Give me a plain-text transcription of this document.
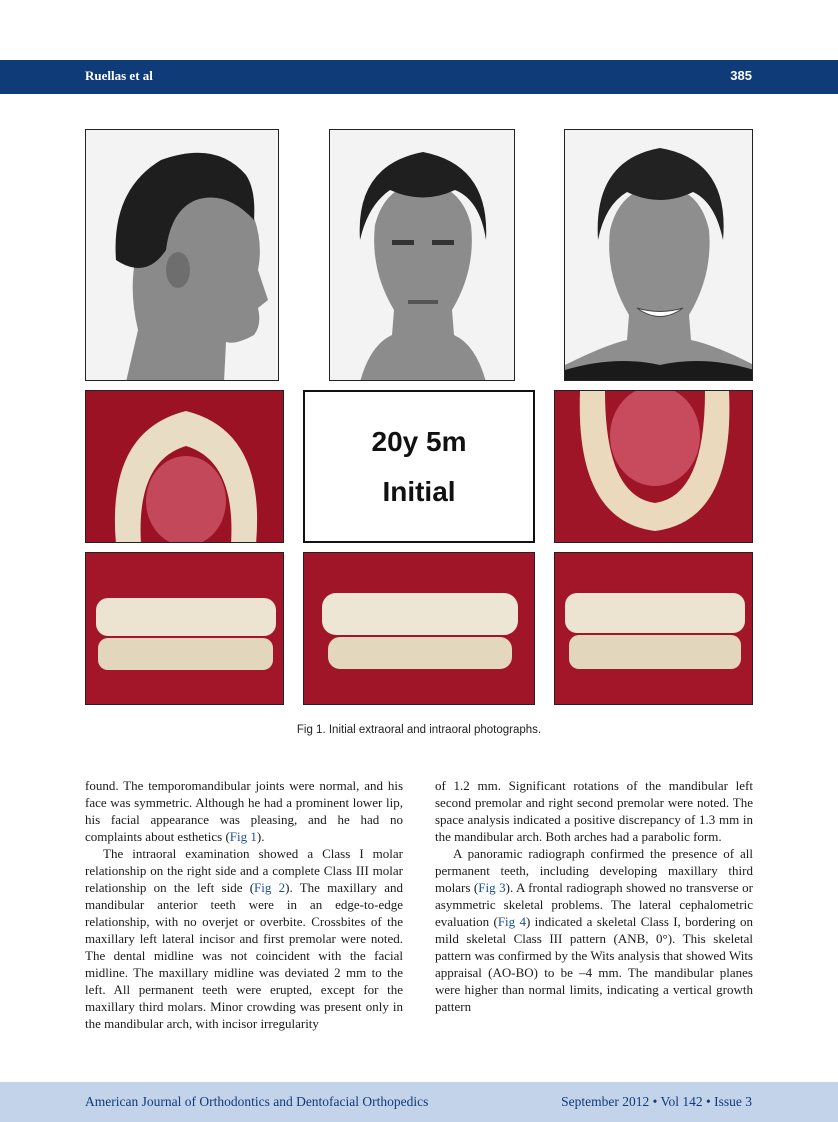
Ruellas et al	385
20y 5m
Initial
Fig 1. Initial extraoral and intraoral photographs.

found. The temporomandibular joints were normal, and his face was symmetric. Although he had a prominent lower lip, his facial appearance was pleasing, and he had no complaints about esthetics (Fig 1).

The intraoral examination showed a Class I molar relationship on the right side and a complete Class III molar relationship on the left side (Fig 2). The maxillary and mandibular anterior teeth were in an edge-to-edge relationship, with no overjet or overbite. Crossbites of the maxillary left lateral incisor and first premolar were noted. The dental midline was not coincident with the facial midline. The maxillary midline was deviated 2 mm to the left. All permanent teeth were erupted, except for the maxillary third molars. Minor crowding was present only in the mandibular arch, with incisor irregularity

of 1.2 mm. Significant rotations of the mandibular left second premolar and right second premolar were noted. The space analysis indicated a positive discrepancy of 1.3 mm in the mandibular arch. Both arches had a parabolic form.

A panoramic radiograph confirmed the presence of all permanent teeth, including developing maxillary third molars (Fig 3). A frontal radiograph showed no transverse or asymmetric skeletal problems. The lateral cephalometric evaluation (Fig 4) indicated a skeletal Class I, bordering on mild skeletal Class III pattern (ANB, 0°). This skeletal pattern was confirmed by the Wits analysis that showed Wits appraisal (AO-BO) to be –4 mm. The mandibular planes were higher than normal limits, indicating a vertical growth pattern

American Journal of Orthodontics and Dentofacial Orthopedics	September 2012 • Vol 142 • Issue 3
